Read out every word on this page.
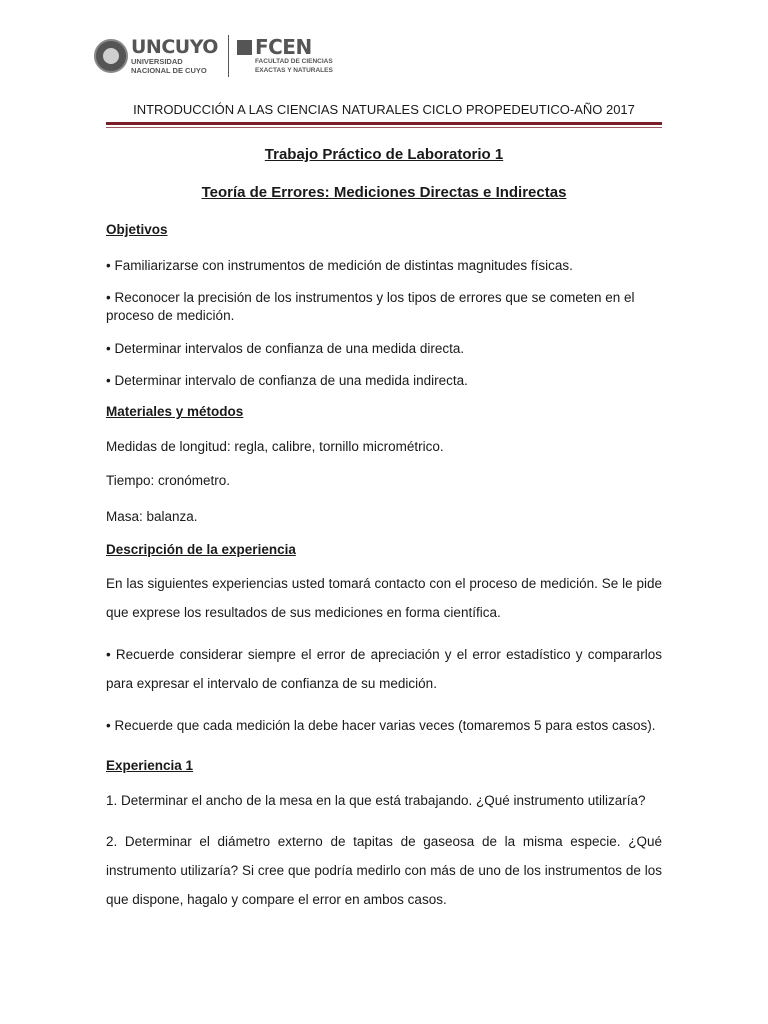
UNCUYO
UNIVERSIDAD
NACIONAL DE CUYO
FCEN
FACULTAD DE CIENCIAS
EXACTAS Y NATURALES
INTRODUCCIÓN A LAS CIENCIAS NATURALES CICLO PROPEDEUTICO-AÑO 2017
Trabajo Práctico de Laboratorio 1
Teoría de Errores: Mediciones Directas e Indirectas
Objetivos
• Familiarizarse con instrumentos de medición de distintas magnitudes físicas.
• Reconocer la precisión de los instrumentos y los tipos de errores que se cometen en el proceso de medición.
• Determinar intervalos de confianza de una medida directa.
• Determinar intervalo de confianza de una medida indirecta.
Materiales y métodos
Medidas de longitud: regla, calibre, tornillo micrométrico.
Tiempo: cronómetro.
Masa: balanza.
Descripción de la experiencia
En las siguientes experiencias usted tomará contacto con el proceso de medición. Se le pide que exprese los resultados de sus mediciones en forma científica.
• Recuerde considerar siempre el error de apreciación y el error estadístico y compararlos para expresar el intervalo de confianza de su medición.
• Recuerde que cada medición la debe hacer varias veces (tomaremos 5 para estos casos).
Experiencia 1
1. Determinar el ancho de la mesa en la que está trabajando. ¿Qué instrumento utilizaría?
2. Determinar el diámetro externo de tapitas de gaseosa de la misma especie. ¿Qué instrumento utilizaría? Si cree que podría medirlo con más de uno de los instrumentos de los que dispone, hagalo y compare el error en ambos casos.
